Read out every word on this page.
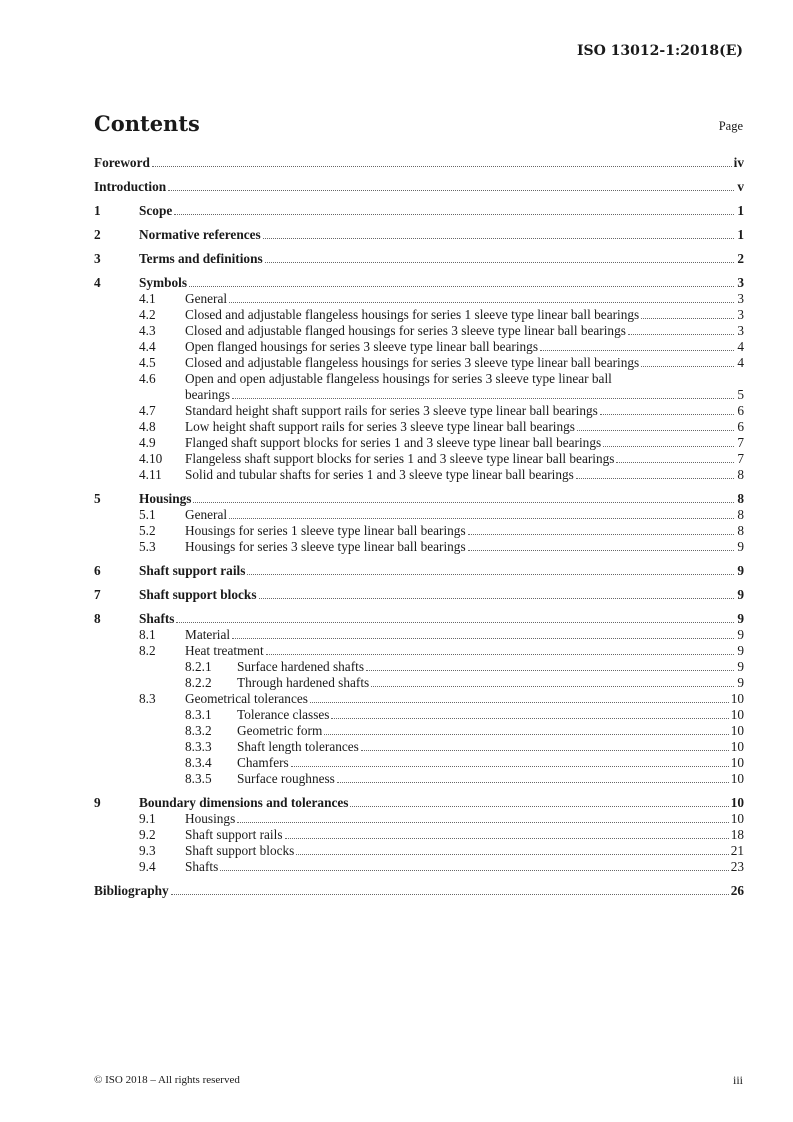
ISO 13012-1:2018(E)
Contents	Page
Foreword	iv
Introduction	v
1	Scope	1
2	Normative references	1
3	Terms and definitions	2
4	Symbols	3
4.1 General	3
4.2 Closed and adjustable flangeless housings for series 1 sleeve type linear ball bearings	3
4.3 Closed and adjustable flanged housings for series 3 sleeve type linear ball bearings	3
4.4 Open flanged housings for series 3 sleeve type linear ball bearings	4
4.5 Closed and adjustable flangeless housings for series 3 sleeve type linear ball bearings	4
4.6 Open and open adjustable flangeless housings for series 3 sleeve type linear ball
bearings	5
4.7 Standard height shaft support rails for series 3 sleeve type linear ball bearings	6
4.8 Low height shaft support rails for series 3 sleeve type linear ball bearings	6
4.9 Flanged shaft support blocks for series 1 and 3 sleeve type linear ball bearings	7
4.10 Flangeless shaft support blocks for series 1 and 3 sleeve type linear ball bearings	7
4.11 Solid and tubular shafts for series 1 and 3 sleeve type linear ball bearings	8
5	Housings	8
5.1 General	8
5.2 Housings for series 1 sleeve type linear ball bearings	8
5.3 Housings for series 3 sleeve type linear ball bearings	9
6	Shaft support rails	9
7	Shaft support blocks	9
8	Shafts	9
8.1 Material	9
8.2 Heat treatment	9
8.2.1 Surface hardened shafts	9
8.2.2 Through hardened shafts	9
8.3 Geometrical tolerances	10
8.3.1 Tolerance classes	10
8.3.2 Geometric form	10
8.3.3 Shaft length tolerances	10
8.3.4 Chamfers	10
8.3.5 Surface roughness	10
9	Boundary dimensions and tolerances	10
9.1 Housings	10
9.2 Shaft support rails	18
9.3 Shaft support blocks	21
9.4 Shafts	23
Bibliography	26
© ISO 2018 – All rights reserved	iii
